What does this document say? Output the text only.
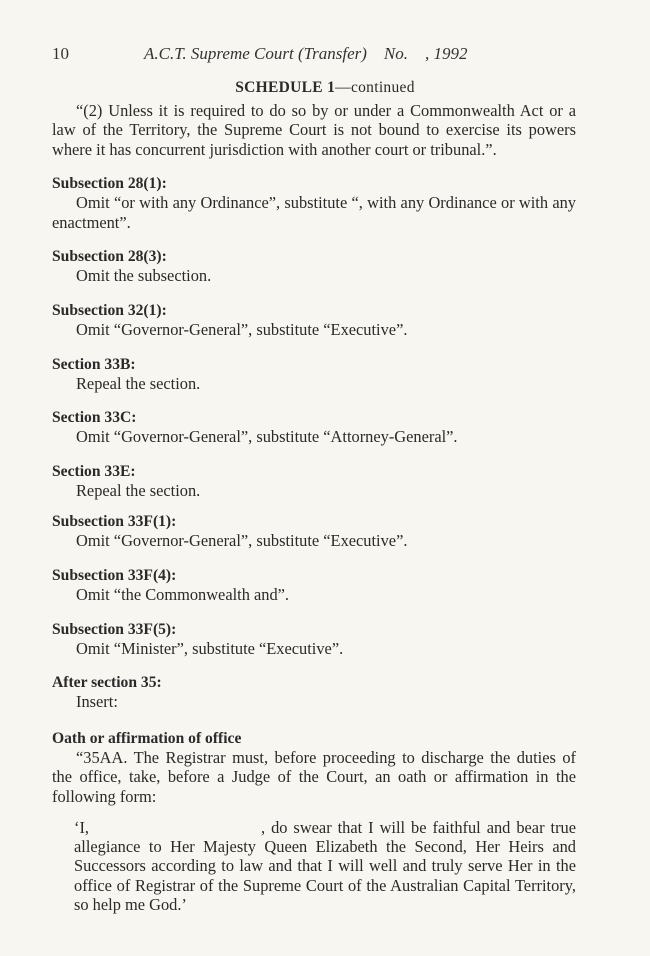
10	A.C.T. Supreme Court (Transfer)    No.    , 1992
SCHEDULE 1—continued

“(2) Unless it is required to do so by or under a Commonwealth Act or a law of the Territory, the Supreme Court is not bound to exercise its powers where it has concurrent jurisdiction with another court or tribunal.”.

Subsection 28(1):

Omit “or with any Ordinance”, substitute “, with any Ordinance or with any enactment”.

Subsection 28(3):

Omit the subsection.

Subsection 32(1):

Omit “Governor-General”, substitute “Executive”.

Section 33B:

Repeal the section.

Section 33C:

Omit “Governor-General”, substitute “Attorney-General”.

Section 33E:

Repeal the section.

Subsection 33F(1):

Omit “Governor-General”, substitute “Executive”.

Subsection 33F(4):

Omit “the Commonwealth and”.

Subsection 33F(5):

Omit “Minister”, substitute “Executive”.

After section 35:

Insert:

Oath or affirmation of office

“35AA. The Registrar must, before proceeding to discharge the duties of the office, take, before a Judge of the Court, an oath or affirmation in the following form:

‘I,	, do swear that I will be faithful and bear true allegiance to Her Majesty Queen Elizabeth the Second, Her Heirs and Successors according to law and that I will well and truly serve Her in the office of Registrar of the Supreme Court of the Australian Capital Territory, so help me God.’
